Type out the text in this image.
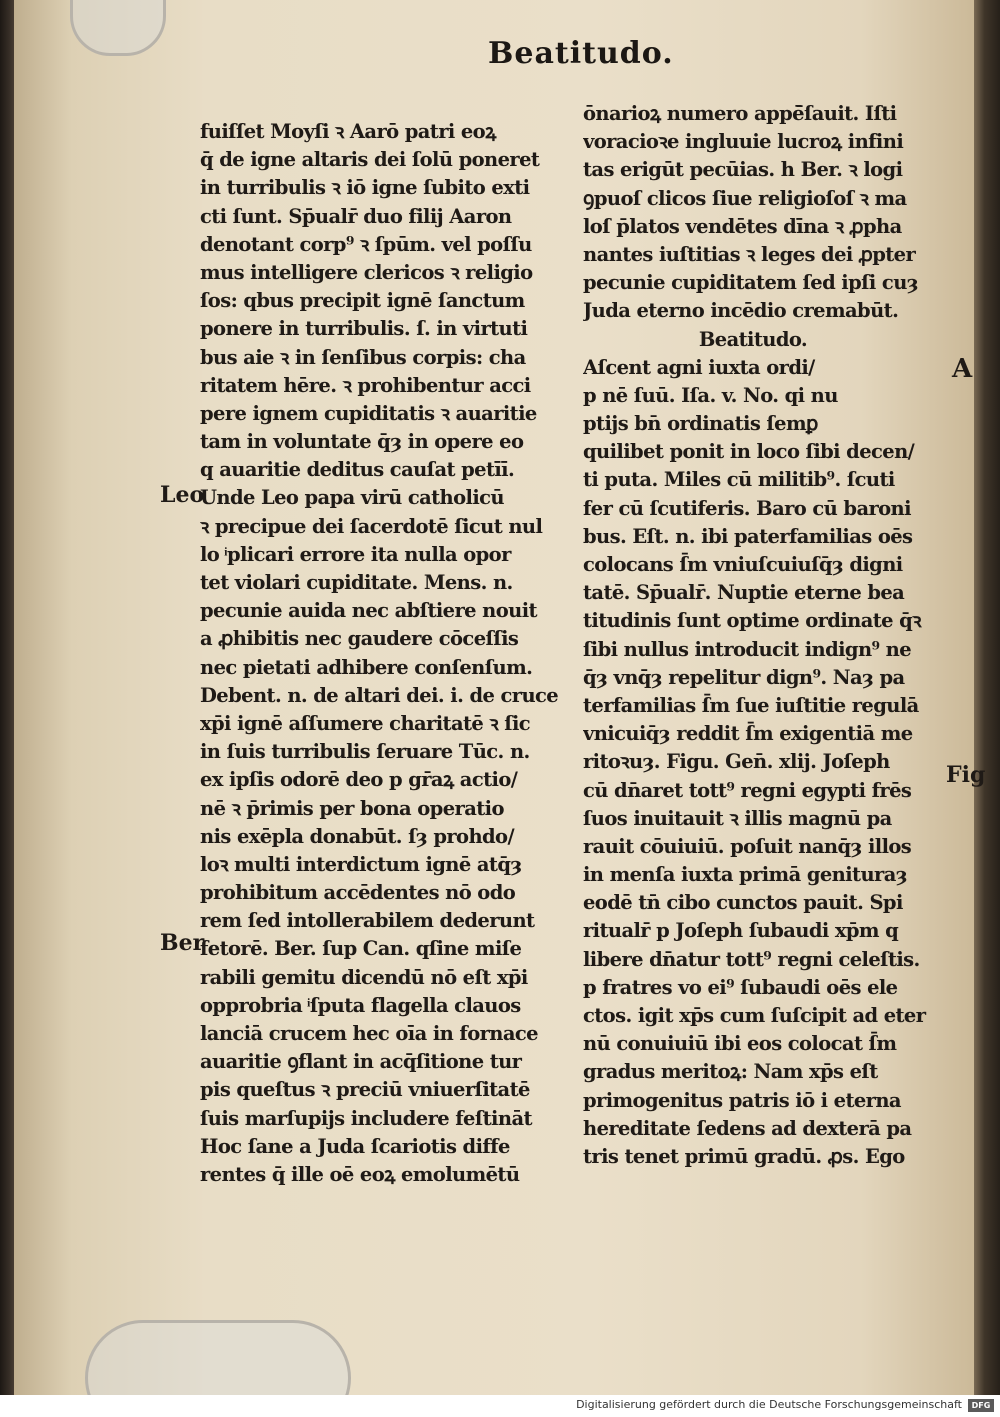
Beatitudo.
Leo
Ber
A
Fig
fuiſſet Moyſi ꝛ Aarō patri eoꝝ
q̄ de igne altaris dei ſolū poneret
in turribulis ꝛ iō igne ſubito exti
cti ſunt. Sp̄ualr̄ duo filij Aaron
denotant corp⁹ ꝛ ſpūm. vel poſſu
mus intelligere clericos ꝛ religio
ſos: qbus precipit ignē ſanctum
ponere in turribulis. ſ. in virtuti
bus aie ꝛ in ſenſibus corpis: cha
ritatem hēre. ꝛ prohibentur acci
pere ignem cupiditatis ꝛ auaritie
tam in voluntate q̄ȝ in opere eo
q auaritie deditus cauſat petīī.
Unde Leo papa virū catholicū
ꝛ precipue dei ſacerdotē ſicut nul
lo ͥplicari errore ita nulla opor
tet violari cupiditate. Mens. n.
pecunie auida nec abſtiere nouit
a ꝓhibitis nec gaudere cōceſſis
nec pietati adhibere conſenſum.
Debent. n. de altari dei. i. de cruce
xp̄i ignē aſſumere charitatē ꝛ ſic
in ſuis turribulis ſeruare Tūc. n.
ex ipſis odorē deo p gr̄aꝝ actio/
nē ꝛ p̄rimis per bona operatio
nis exēpla donabūt. ſȝ prohdo/
loꝛ multi interdictum ignē atq̄ȝ
prohibitum accēdentes nō odo
rem ſed intollerabilem dederunt
fetorē. Ber. ſup Can. qſine miſe
rabili gemitu dicendū nō eſt xp̄i
opprobria ͥſputa flagella clauos
lanciā crucem hec oīa in fornace
auaritie ꝯflant in acq̄ſitione tur
pis queſtus ꝛ preciū vniuerſitatē
ſuis marſupijs includere feſtināt
Hoc ſane a Juda ſcariotis diffe
rentes q̄ ille oē eoꝝ emolumētū
ōnarioꝝ numero appē̄ſauit. Iſti
voracioꝛe ingluuie lucroꝝ infini
tas erigūt pecūias. h Ber. ꝛ logi
ꝯpuoſ clicos ſiue religioſoſ ꝛ ma
loſ p̄latos vendētes dīna ꝛ ꝓpha
nantes iuſtitias ꝛ leges dei ꝓpter
pecunie cupiditatem ſed ipſi cuȝ
Juda eterno incēdio cremabūt.
Beatitudo.
Aſcent agni iuxta ordi/
p nē ſuū. Iſa. v. No. qi nu
ptijs bn̄ ordinatis ſemꝑ
quilibet ponit in loco ſibi decen/
ti puta. Miles cū militib⁹. ſcuti
fer cū ſcutiferis. Baro cū baroni
bus. Eſt. n. ibi paterfamilias oēs
colocans ſ̄m vniuſcuiuſq̄ȝ digni
tatē. Sp̄ualr̄. Nuptie eterne bea
titudinis ſunt optime ordinate q̄ꝛ
ſibi nullus introducit indign⁹ ne
q̄ȝ vnq̄ȝ repelitur dign⁹. Naȝ pa
terfamilias ſ̄m ſue iuſtitie regulā
vnicuiq̄ȝ reddit ſ̄m exigentiā me
ritoꝛuȝ. Figu. Gen̄. xlij. Joſeph
cū dn̄aret tott⁹ regni egypti frēs
ſuos inuitauit ꝛ illis magnū pa
rauit cōuiuiū. poſuit nanq̄ȝ illos
in menſa iuxta primā genituraȝ
eodē tn̄ cibo cunctos pauit. Spi
ritualr̄ p Joſeph ſubaudi xp̄m q
libere dn̄atur tott⁹ regni celeſtis.
p fratres vo ei⁹ ſubaudi oēs ele
ctos. igit xp̄s cum ſuſcipit ad eter
nū conuiuiū ibi eos colocat ſ̄m
gradus meritoꝝ: Nam xp̄s eſt
primogenitus patris iō i eterna
hereditate ſedens ad dexterā pa
tris tenet primū gradū. ꝓs. Ego
Digitalisierung gefördert durch die Deutsche Forschungsgemeinschaft	DFG
